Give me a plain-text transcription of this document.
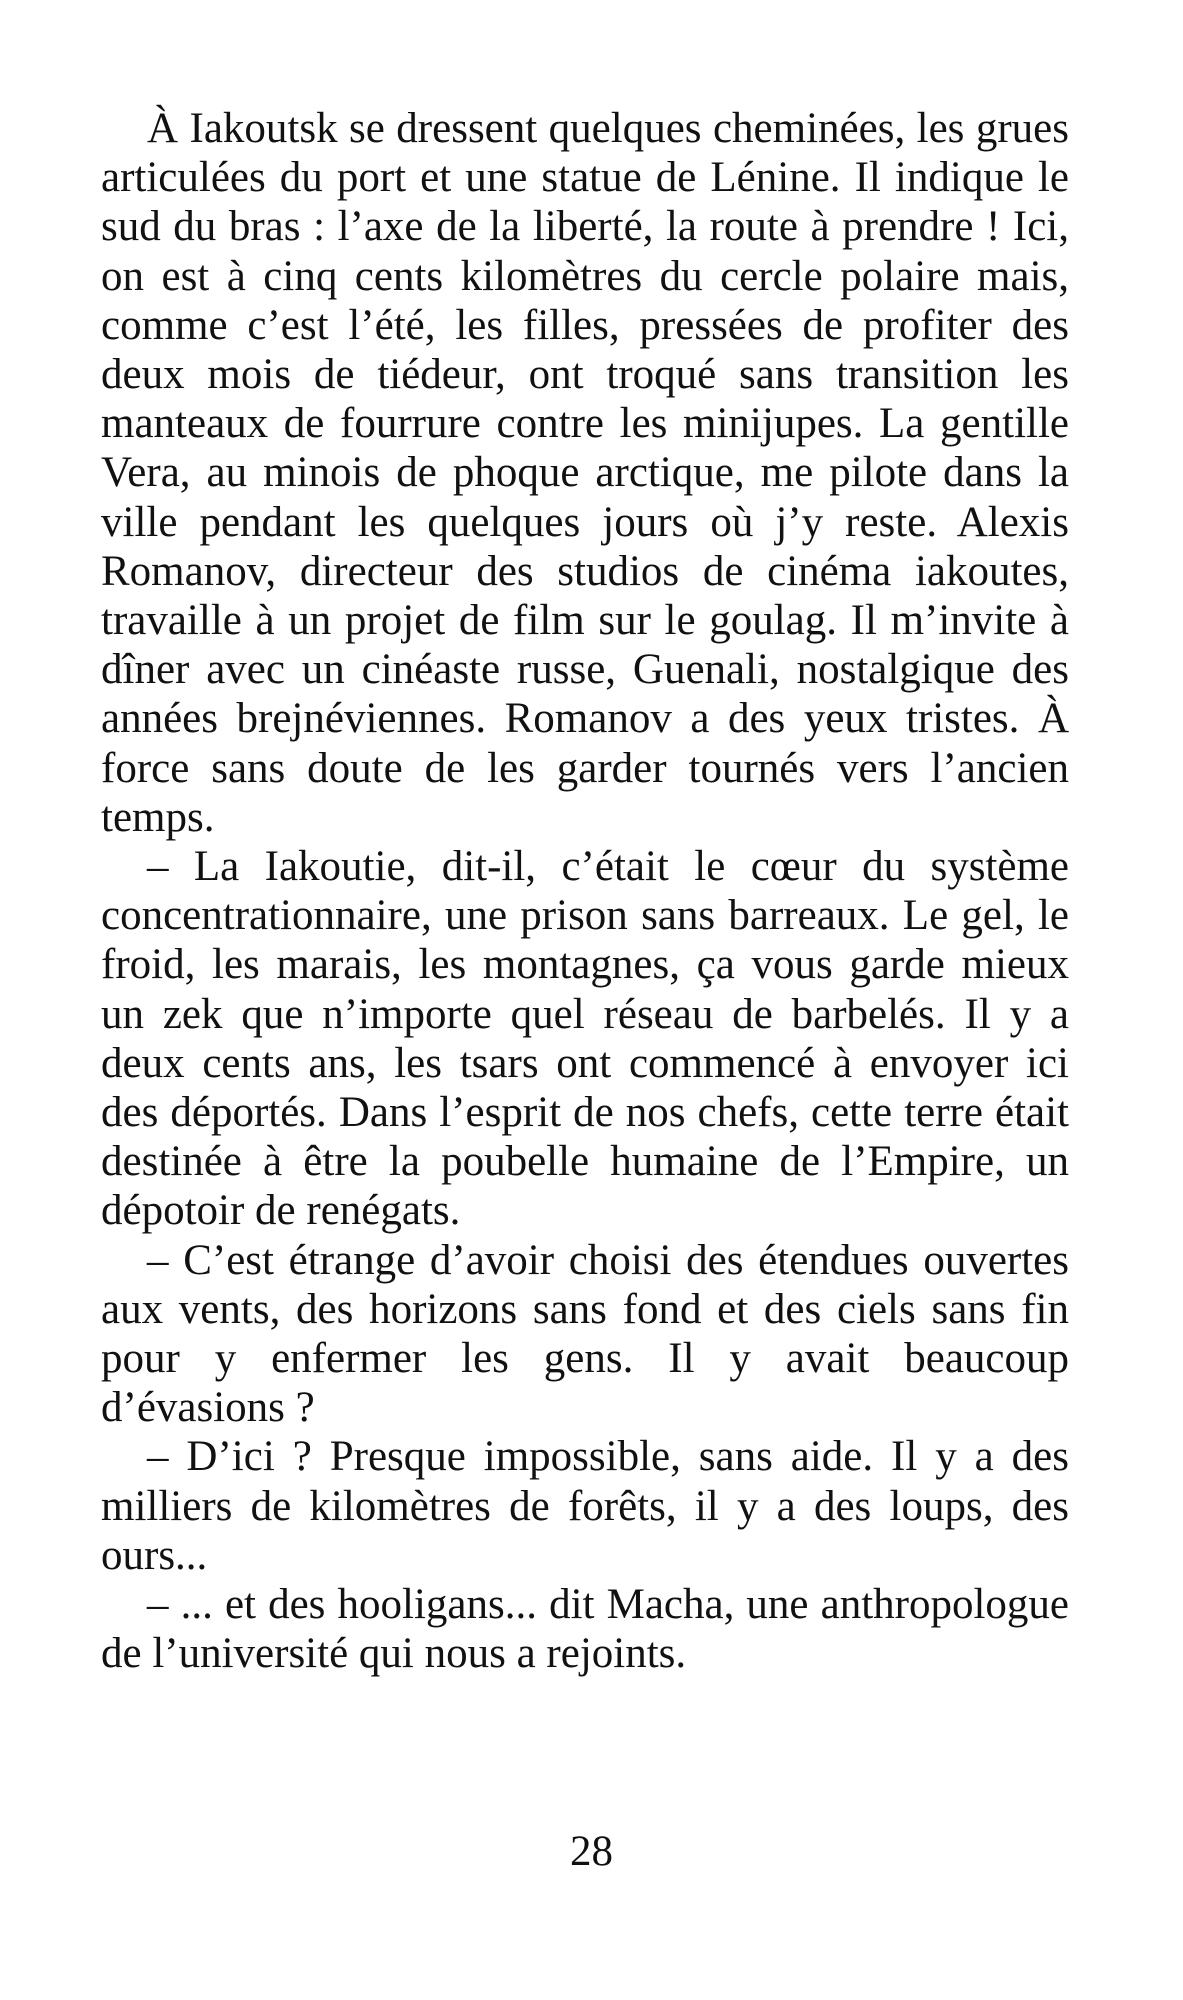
À Iakoutsk se dressent quelques cheminées, les grues articulées du port et une statue de Lénine. Il indique le sud du bras : l’axe de la liberté, la route à prendre ! Ici, on est à cinq cents kilomètres du cercle polaire mais, comme c’est l’été, les filles, pressées de profiter des deux mois de tiédeur, ont troqué sans transition les manteaux de fourrure contre les minijupes. La gentille Vera, au minois de phoque arctique, me pilote dans la ville pendant les quelques jours où j’y reste. Alexis Romanov, directeur des studios de cinéma iakoutes, travaille à un projet de film sur le goulag. Il m’invite à dîner avec un cinéaste russe, Guenali, nostalgique des années brejnéviennes. Romanov a des yeux tristes. À force sans doute de les garder tournés vers l’ancien temps.

– La Iakoutie, dit-il, c’était le cœur du système concentrationnaire, une prison sans barreaux. Le gel, le froid, les marais, les montagnes, ça vous garde mieux un zek que n’importe quel réseau de barbelés. Il y a deux cents ans, les tsars ont commencé à envoyer ici des déportés. Dans l’esprit de nos chefs, cette terre était destinée à être la poubelle humaine de l’Empire, un dépotoir de renégats.

– C’est étrange d’avoir choisi des étendues ouvertes aux vents, des horizons sans fond et des ciels sans fin pour y enfermer les gens. Il y avait beaucoup d’évasions ?

– D’ici ? Presque impossible, sans aide. Il y a des milliers de kilomètres de forêts, il y a des loups, des ours...

– ... et des hooligans... dit Macha, une anthropologue de l’université qui nous a rejoints.

28
